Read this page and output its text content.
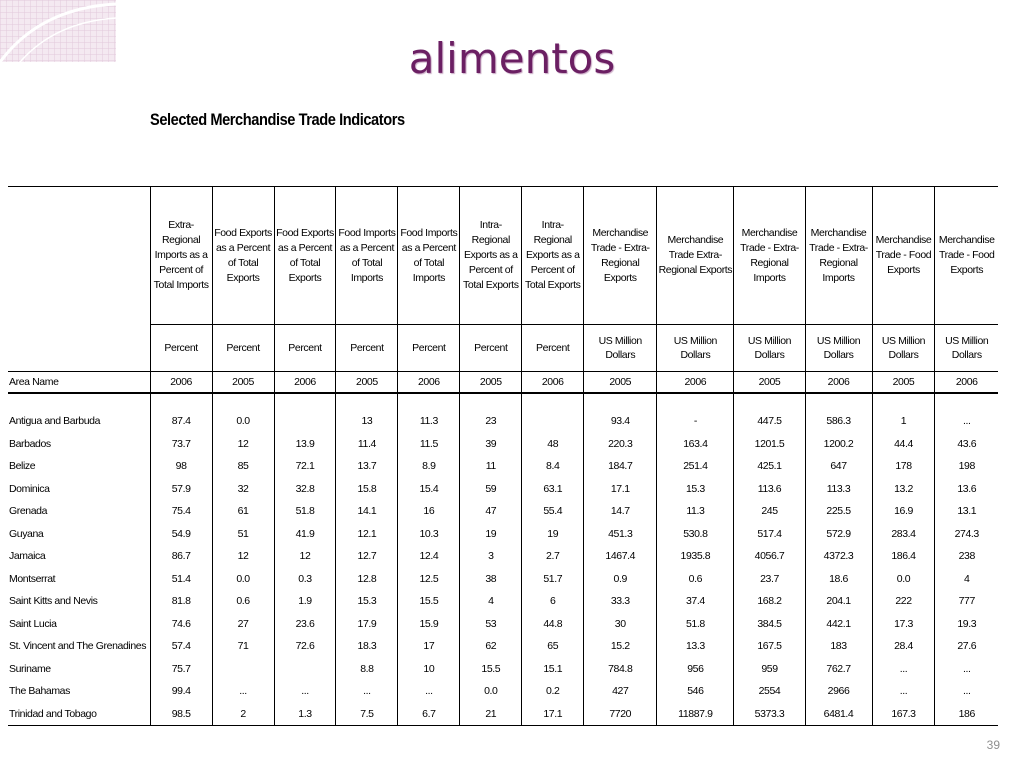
alimentos
Selected Merchandise Trade Indicators
	Extra-Regional Imports as a Percent of Total Imports	Food Exports as a Percent of Total Exports	Food Exports as a Percent of Total Exports	Food Imports as a Percent of Total Imports	Food Imports as a Percent of Total Imports	Intra-Regional Exports as a Percent of Total Exports	Intra-Regional Exports as a Percent of Total Exports	Merchandise Trade - Extra-Regional Exports	Merchandise Trade Extra-Regional Exports	Merchandise Trade - Extra-Regional Imports	Merchandise Trade - Extra-Regional Imports	Merchandise Trade - Food Exports	Merchandise Trade - Food Exports
	Percent	Percent	Percent	Percent	Percent	Percent	Percent	US Million Dollars	US Million Dollars	US Million Dollars	US Million Dollars	US Million Dollars	US Million Dollars
Area Name	2006	2005	2006	2005	2006	2005	2006	2005	2006	2005	2006	2005	2006

Antigua and Barbuda	87.4	0.0		13	11.3	23		93.4	-	447.5	586.3	1	...
Barbados	73.7	12	13.9	11.4	11.5	39	48	220.3	163.4	1201.5	1200.2	44.4	43.6
Belize	98	85	72.1	13.7	8.9	11	8.4	184.7	251.4	425.1	647	178	198
Dominica	57.9	32	32.8	15.8	15.4	59	63.1	17.1	15.3	113.6	113.3	13.2	13.6
Grenada	75.4	61	51.8	14.1	16	47	55.4	14.7	11.3	245	225.5	16.9	13.1
Guyana	54.9	51	41.9	12.1	10.3	19	19	451.3	530.8	517.4	572.9	283.4	274.3
Jamaica	86.7	12	12	12.7	12.4	3	2.7	1467.4	1935.8	4056.7	4372.3	186.4	238
Montserrat	51.4	0.0	0.3	12.8	12.5	38	51.7	0.9	0.6	23.7	18.6	0.0	4
Saint Kitts and Nevis	81.8	0.6	1.9	15.3	15.5	4	6	33.3	37.4	168.2	204.1	222	777
Saint Lucia	74.6	27	23.6	17.9	15.9	53	44.8	30	51.8	384.5	442.1	17.3	19.3
St. Vincent and The Grenadines	57.4	71	72.6	18.3	17	62	65	15.2	13.3	167.5	183	28.4	27.6
Suriname	75.7			8.8	10	15.5	15.1	784.8	956	959	762.7	...	...
The Bahamas	99.4	...	...	...	...	0.0	0.2	427	546	2554	2966	...	...
Trinidad and Tobago	98.5	2	1.3	7.5	6.7	21	17.1	7720	11887.9	5373.3	6481.4	167.3	186
39
